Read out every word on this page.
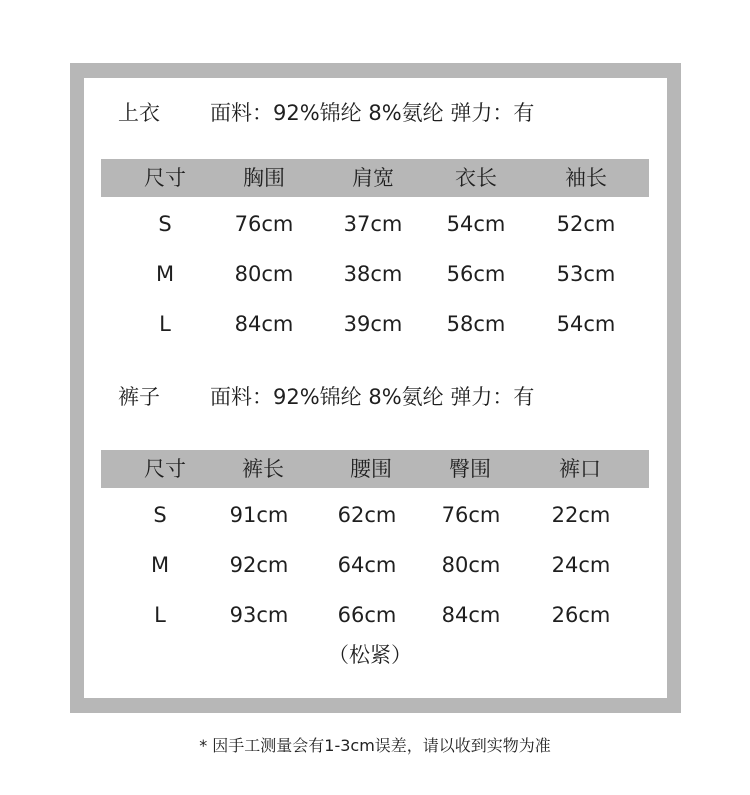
上衣 面料：92%锦纶 8%氨纶 弹力：有
尺寸	胸围	肩宽	衣长	袖长
S	76cm 37cm 54cm 52cm
M	80cm 38cm 56cm 53cm
L	84cm 39cm 58cm 54cm
裤子 面料：92%锦纶 8%氨纶 弹力：有
尺寸	裤长	腰围	臀围	裤口
S	91cm 62cm 76cm 22cm
M	92cm 64cm 80cm 24cm
L	93cm 66cm 84cm 26cm
（松紧）
* 因手工测量会有1-3cm误差，请以收到实物为准
